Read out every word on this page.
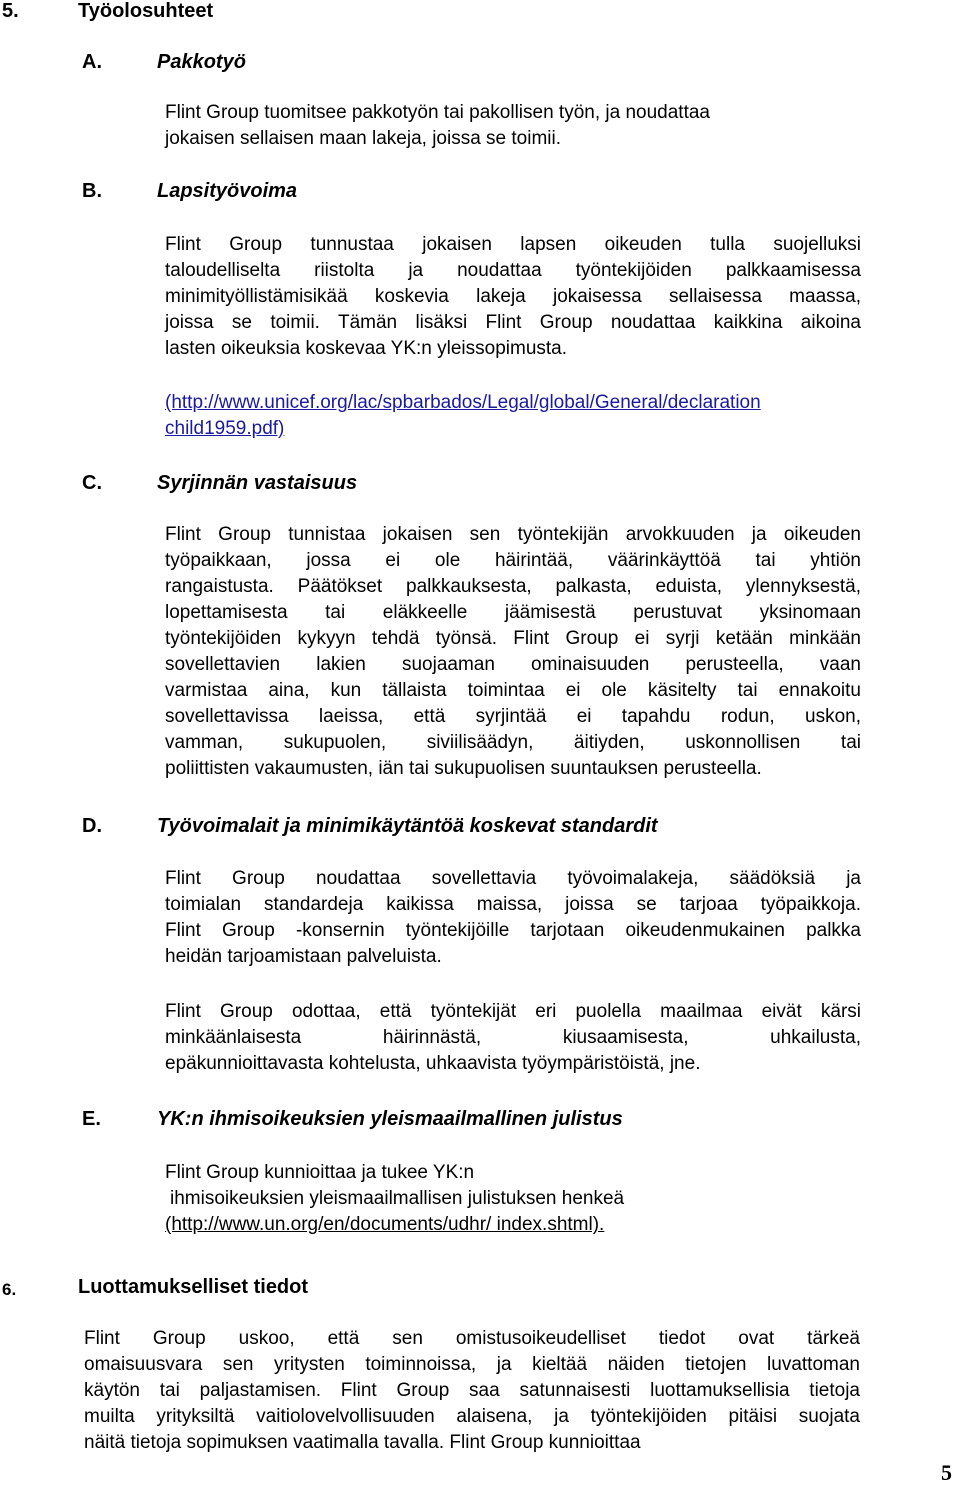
5.	Työolosuhteet
A.	Pakkotyö
Flint Group tuomitsee pakkotyön tai pakollisen työn, ja noudattaa
jokaisen sellaisen maan lakeja, joissa se toimii.
B.	Lapsityövoima
Flint Group tunnustaa jokaisen lapsen oikeuden tulla suojelluksi
taloudelliselta riistolta ja noudattaa työntekijöiden palkkaamisessa
minimityöllistämisikää koskevia lakeja jokaisessa sellaisessa maassa,
joissa se toimii. Tämän lisäksi Flint Group noudattaa kaikkina aikoina
lasten oikeuksia koskevaa YK:n yleissopimusta.
(http://www.unicef.org/lac/spbarbados/Legal/global/General/declaration
child1959.pdf)
C.	Syrjinnän vastaisuus
Flint Group tunnistaa jokaisen sen työntekijän arvokkuuden ja oikeuden
työpaikkaan, jossa ei ole häirintää, väärinkäyttöä tai yhtiön
rangaistusta. Päätökset palkkauksesta, palkasta, eduista, ylennyksestä,
lopettamisesta tai eläkkeelle jäämisestä perustuvat yksinomaan
työntekijöiden kykyyn tehdä työnsä. Flint Group ei syrji ketään minkään
sovellettavien lakien suojaaman ominaisuuden perusteella, vaan
varmistaa aina, kun tällaista toimintaa ei ole käsitelty tai ennakoitu
sovellettavissa laeissa, että syrjintää ei tapahdu rodun, uskon,
vamman, sukupuolen, siviilisäädyn, äitiyden, uskonnollisen tai
poliittisten vakaumusten, iän tai sukupuolisen suuntauksen perusteella.
D.	Työvoimalait ja minimikäytäntöä koskevat standardit
Flint Group noudattaa sovellettavia työvoimalakeja, säädöksiä ja
toimialan standardeja kaikissa maissa, joissa se tarjoaa työpaikkoja.
Flint Group -konsernin työntekijöille tarjotaan oikeudenmukainen palkka
heidän tarjoamistaan palveluista.
Flint Group odottaa, että työntekijät eri puolella maailmaa eivät kärsi
minkäänlaisesta häirinnästä, kiusaamisesta, uhkailusta,
epäkunnioittavasta kohtelusta, uhkaavista työympäristöistä, jne.
E.	YK:n ihmisoikeuksien yleismaailmallinen julistus
Flint Group kunnioittaa ja tukee YK:n
ihmisoikeuksien yleismaailmallisen julistuksen henkeä
(http://www.un.org/en/documents/udhr/ index.shtml).
6.	Luottamukselliset tiedot
Flint Group uskoo, että sen omistusoikeudelliset tiedot ovat tärkeä
omaisuusvara sen yritysten toiminnoissa, ja kieltää näiden tietojen luvattoman
käytön tai paljastamisen. Flint Group saa satunnaisesti luottamuksellisia tietoja
muilta yrityksiltä vaitiolovelvollisuuden alaisena, ja työntekijöiden pitäisi suojata
näitä tietoja sopimuksen vaatimalla tavalla. Flint Group kunnioittaa
5
